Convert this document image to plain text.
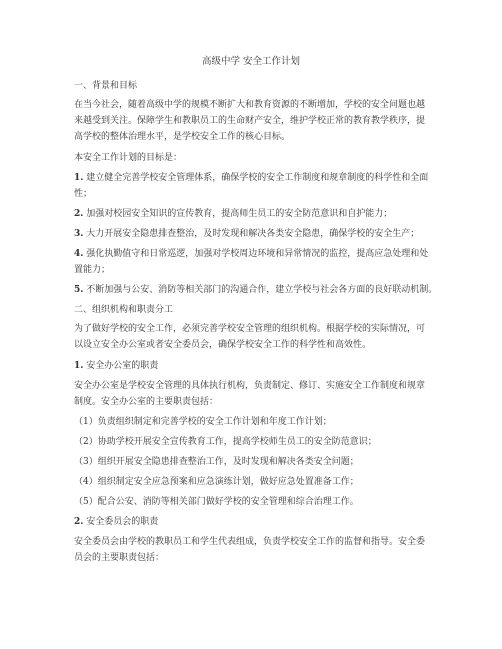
高级中学 安全工作计划
一、背景和目标
在当今社会，随着高级中学的规模不断扩大和教育资源的不断增加，学校的安全问题也越
来越受到关注。保障学生和教职员工的生命财产安全，维护学校正常的教育教学秩序，提
高学校的整体治理水平，是学校安全工作的核心目标。
本安全工作计划的目标是：
1. 建立健全完善学校安全管理体系，确保学校的安全工作制度和规章制度的科学性和全面
性；
2. 加强对校园安全知识的宣传教育，提高师生员工的安全防范意识和自护能力；
3. 大力开展安全隐患排查整治，及时发现和解决各类安全隐患，确保学校的安全生产；
4. 强化执勤值守和日常巡逻，加强对学校周边环境和异常情况的监控，提高应急处理和处
置能力；
5. 不断加强与公安、消防等相关部门的沟通合作，建立学校与社会各方面的良好联动机制。
二、组织机构和职责分工
为了做好学校的安全工作，必须完善学校安全管理的组织机构。根据学校的实际情况，可
以设立安全办公室或者安全委员会，确保学校安全工作的科学性和高效性。
1. 安全办公室的职责
安全办公室是学校安全管理的具体执行机构，负责制定、修订、实施安全工作制度和规章
制度。安全办公室的主要职责包括：
（1）负责组织制定和完善学校的安全工作计划和年度工作计划；
（2）协助学校开展安全宣传教育工作，提高学校师生员工的安全防范意识；
（3）组织开展安全隐患排查整治工作，及时发现和解决各类安全问题；
（4）组织制定安全应急预案和应急演练计划，做好应急处置准备工作；
（5）配合公安、消防等相关部门做好学校的安全管理和综合治理工作。
2. 安全委员会的职责
安全委员会由学校的教职员工和学生代表组成，负责学校安全工作的监督和指导。安全委
员会的主要职责包括：
